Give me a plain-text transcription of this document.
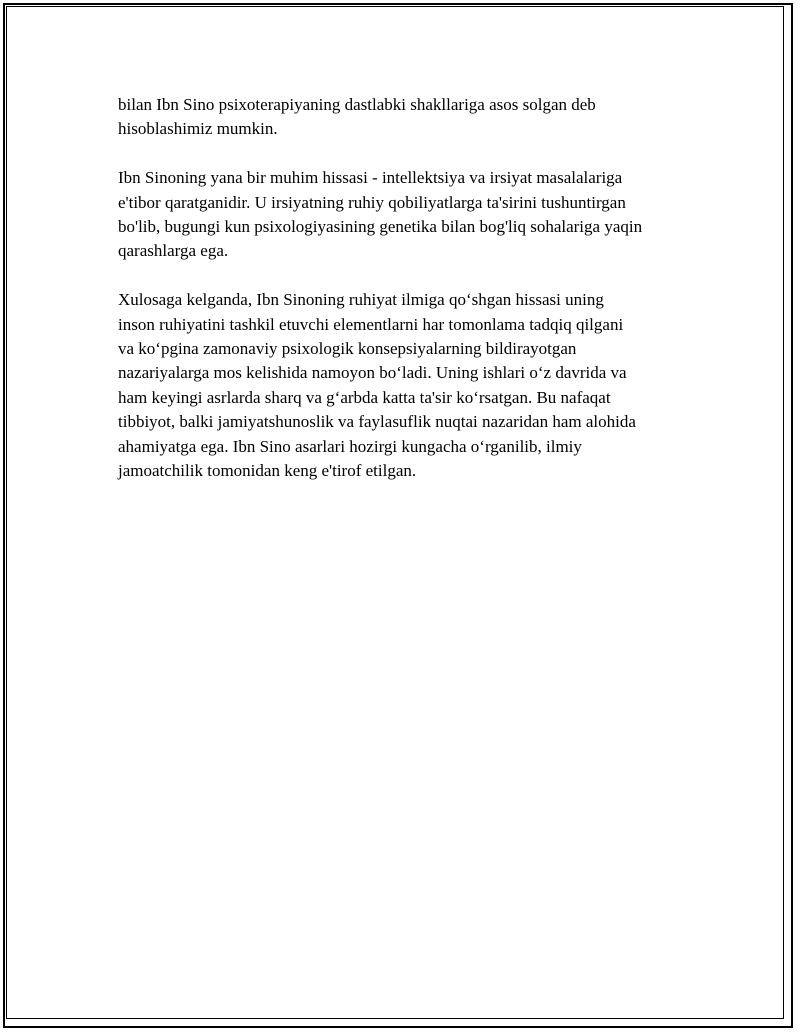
bilan Ibn Sino psixoterapiyaning dastlabki shakllariga asos solgan deb
hisoblashimiz mumkin.

Ibn Sinoning yana bir muhim hissasi - intellektsiya va irsiyat masalalariga
e'tibor qaratganidir. U irsiyatning ruhiy qobiliyatlarga ta'sirini tushuntirgan
bo'lib, bugungi kun psixologiyasining genetika bilan bog'liq sohalariga yaqin
qarashlarga ega.

Xulosaga kelganda, Ibn Sinoning ruhiyat ilmiga qo‘shgan hissasi uning
inson ruhiyatini tashkil etuvchi elementlarni har tomonlama tadqiq qilgani
va ko‘pgina zamonaviy psixologik konsepsiyalarning bildirayotgan
nazariyalarga mos kelishida namoyon bo‘ladi. Uning ishlari o‘z davrida va
ham keyingi asrlarda sharq va g‘arbda katta ta'sir ko‘rsatgan. Bu nafaqat
tibbiyot, balki jamiyatshunoslik va faylasuflik nuqtai nazaridan ham alohida
ahamiyatga ega. Ibn Sino asarlari hozirgi kungacha o‘rganilib, ilmiy
jamoatchilik tomonidan keng e'tirof etilgan.
